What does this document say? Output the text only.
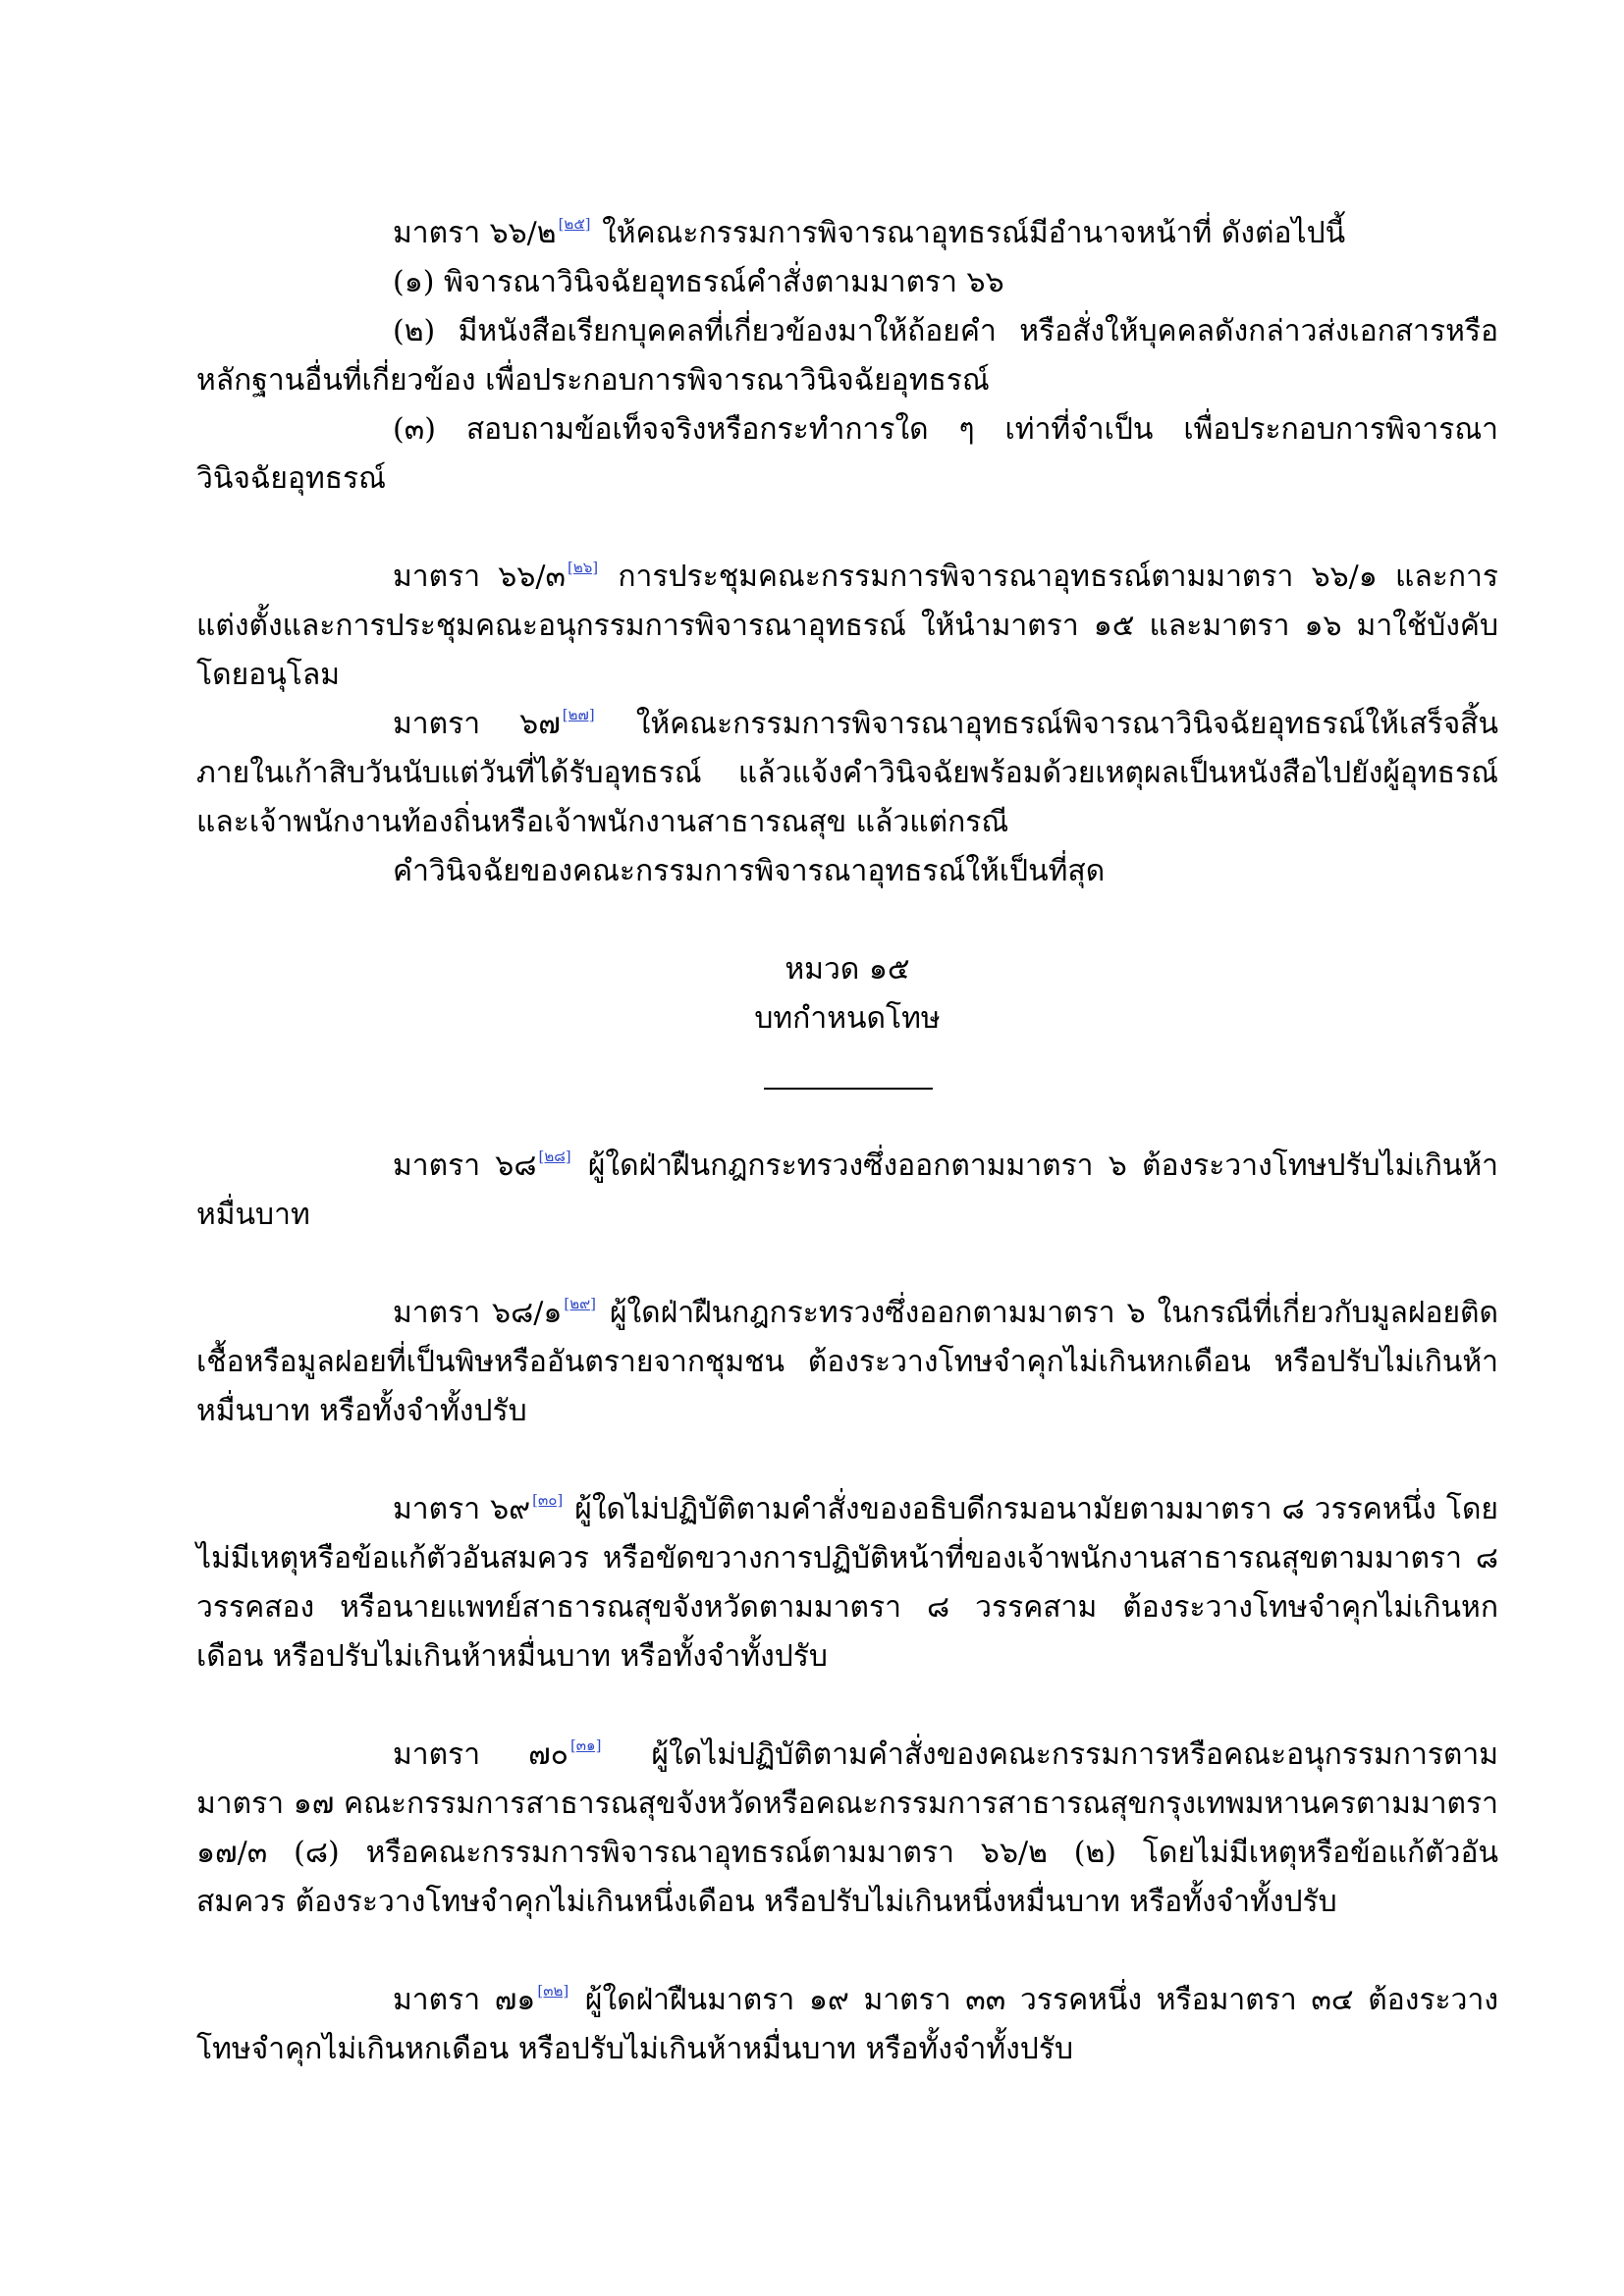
มาตรา ๖๖/๒ [๒๕] ให้คณะกรรมการพิจารณาอุทธรณ์มีอำนาจหน้าที่ ดังต่อไปนี้

(๑) พิจารณาวินิจฉัยอุทธรณ์คำสั่งตามมาตรา ๖๖

(๒) มีหนังสือเรียกบุคคลที่เกี่ยวข้องมาให้ถ้อยคำ หรือสั่งให้บุคคลดังกล่าวส่งเอกสารหรือหลักฐานอื่นที่เกี่ยวข้อง เพื่อประกอบการพิจารณาวินิจฉัยอุทธรณ์

(๓) สอบถามข้อเท็จจริงหรือกระทำการใด ๆ เท่าที่จำเป็น เพื่อประกอบการพิจารณาวินิจฉัยอุทธรณ์

มาตรา ๖๖/๓ [๒๖] การประชุมคณะกรรมการพิจารณาอุทธรณ์ตามมาตรา ๖๖/๑ และการแต่งตั้งและการประชุมคณะอนุกรรมการพิจารณาอุทธรณ์ ให้นำมาตรา ๑๕ และมาตรา ๑๖ มาใช้บังคับโดยอนุโลม

มาตรา ๖๗ [๒๗] ให้คณะกรรมการพิจารณาอุทธรณ์พิจารณาวินิจฉัยอุทธรณ์ให้เสร็จสิ้นภายในเก้าสิบวันนับแต่วันที่ได้รับอุทธรณ์ แล้วแจ้งคำวินิจฉัยพร้อมด้วยเหตุผลเป็นหนังสือไปยังผู้อุทธรณ์ และเจ้าพนักงานท้องถิ่นหรือเจ้าพนักงานสาธารณสุข แล้วแต่กรณี

คำวินิจฉัยของคณะกรรมการพิจารณาอุทธรณ์ให้เป็นที่สุด

หมวด ๑๕
บทกำหนดโทษ

มาตรา ๖๘ [๒๘] ผู้ใดฝ่าฝืนกฎกระทรวงซึ่งออกตามมาตรา ๖ ต้องระวางโทษปรับไม่เกินห้าหมื่นบาท

มาตรา ๖๘/๑ [๒๙] ผู้ใดฝ่าฝืนกฎกระทรวงซึ่งออกตามมาตรา ๖ ในกรณีที่เกี่ยวกับมูลฝอยติดเชื้อหรือมูลฝอยที่เป็นพิษหรืออันตรายจากชุมชน ต้องระวางโทษจำคุกไม่เกินหกเดือน หรือปรับไม่เกินห้าหมื่นบาท หรือทั้งจำทั้งปรับ

มาตรา ๖๙ [๓๐] ผู้ใดไม่ปฏิบัติตามคำสั่งของอธิบดีกรมอนามัยตามมาตรา ๘ วรรคหนึ่ง โดยไม่มีเหตุหรือข้อแก้ตัวอันสมควร หรือขัดขวางการปฏิบัติหน้าที่ของเจ้าพนักงานสาธารณสุขตามมาตรา ๘ วรรคสอง หรือนายแพทย์สาธารณสุขจังหวัดตามมาตรา ๘ วรรคสาม ต้องระวางโทษจำคุกไม่เกินหกเดือน หรือปรับไม่เกินห้าหมื่นบาท หรือทั้งจำทั้งปรับ

มาตรา ๗๐ [๓๑] ผู้ใดไม่ปฏิบัติตามคำสั่งของคณะกรรมการหรือคณะอนุกรรมการตามมาตรา ๑๗ คณะกรรมการสาธารณสุขจังหวัดหรือคณะกรรมการสาธารณสุขกรุงเทพมหานครตามมาตรา ๑๗/๓ (๘) หรือคณะกรรมการพิจารณาอุทธรณ์ตามมาตรา ๖๖/๒ (๒) โดยไม่มีเหตุหรือข้อแก้ตัวอันสมควร ต้องระวางโทษจำคุกไม่เกินหนึ่งเดือน หรือปรับไม่เกินหนึ่งหมื่นบาท หรือทั้งจำทั้งปรับ

มาตรา ๗๑ [๓๒] ผู้ใดฝ่าฝืนมาตรา ๑๙ มาตรา ๓๓ วรรคหนึ่ง หรือมาตรา ๓๔ ต้องระวางโทษจำคุกไม่เกินหกเดือน หรือปรับไม่เกินห้าหมื่นบาท หรือทั้งจำทั้งปรับ
